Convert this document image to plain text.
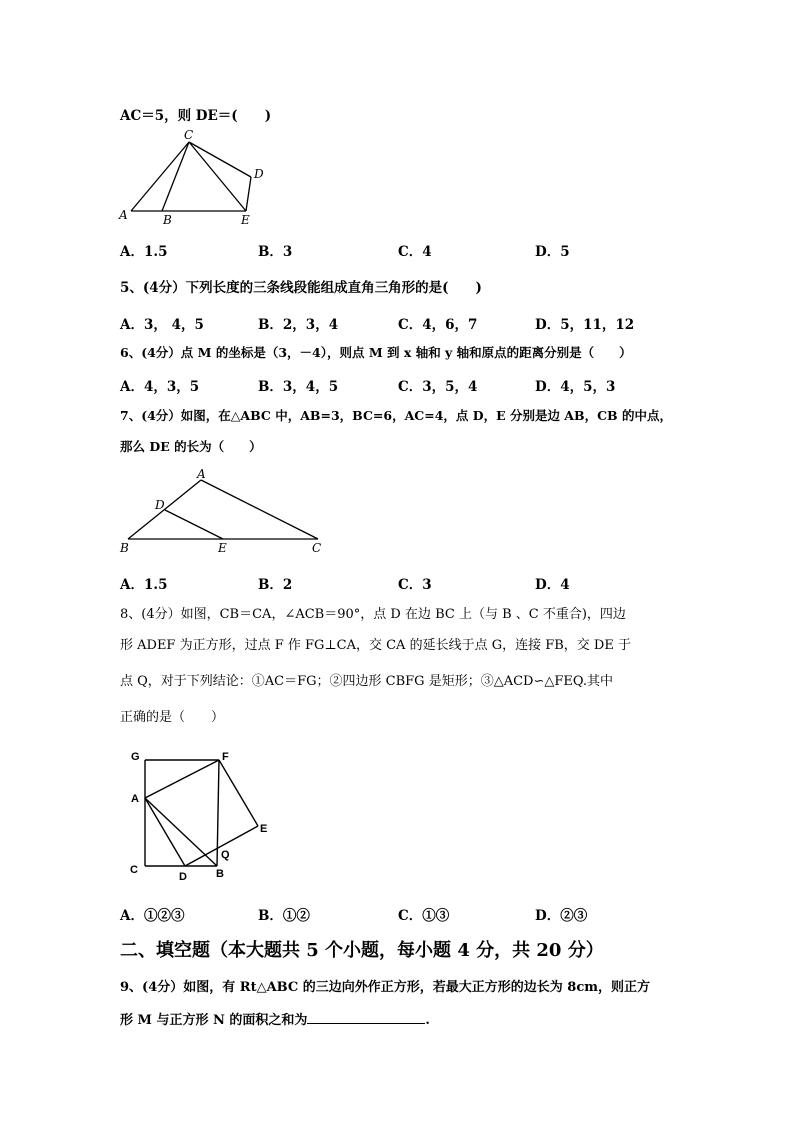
AC＝5，则 DE＝(　　)
C
A	B	E
D
A．1.5	B．3	C．4	D．5
5、(4分）下列长度的三条线段能组成直角三角形的是(　　)
A．3， 4，5	B．2，3，4	C．4，6，7	D．5，11，12
6、(4分）点 M 的坐标是（3，－4），则点 M 到 x 轴和 y 轴和原点的距离分别是（　　）
A．4，3，5	B．3，4，5	C．3，5，4	D．4，5，3
7、(4分）如图，在△ABC 中，AB=3，BC=6，AC=4，点 D，E 分别是边 AB，CB 的中点，
那么 DE 的长为（　　）
A
D
B	E	C
A．1.5	B．2	C．3	D．4
8、(4分）如图，CB＝CA，∠ACB＝90°，点 D 在边 BC 上（与 B 、C 不重合)，四边
形 ADEF 为正方形，过点 F 作 FG⊥CA，交 CA 的延长线于点 G，连接 FB，交 DE 于
点 Q，对于下列结论：①AC＝FG；②四边形 CBFG 是矩形；③△ACD∽△FEQ.其中
正确的是（　　）
G	F
A
E
Q
C
D	B
A．①②③	B．①②	C．①③	D．②③
二、填空题（本大题共 5 个小题，每小题 4 分，共 20 分）
9、(4分）如图，有 Rt△ABC 的三边向外作正方形，若最大正方形的边长为 8cm，则正方
形 M 与正方形 N 的面积之和为	.
